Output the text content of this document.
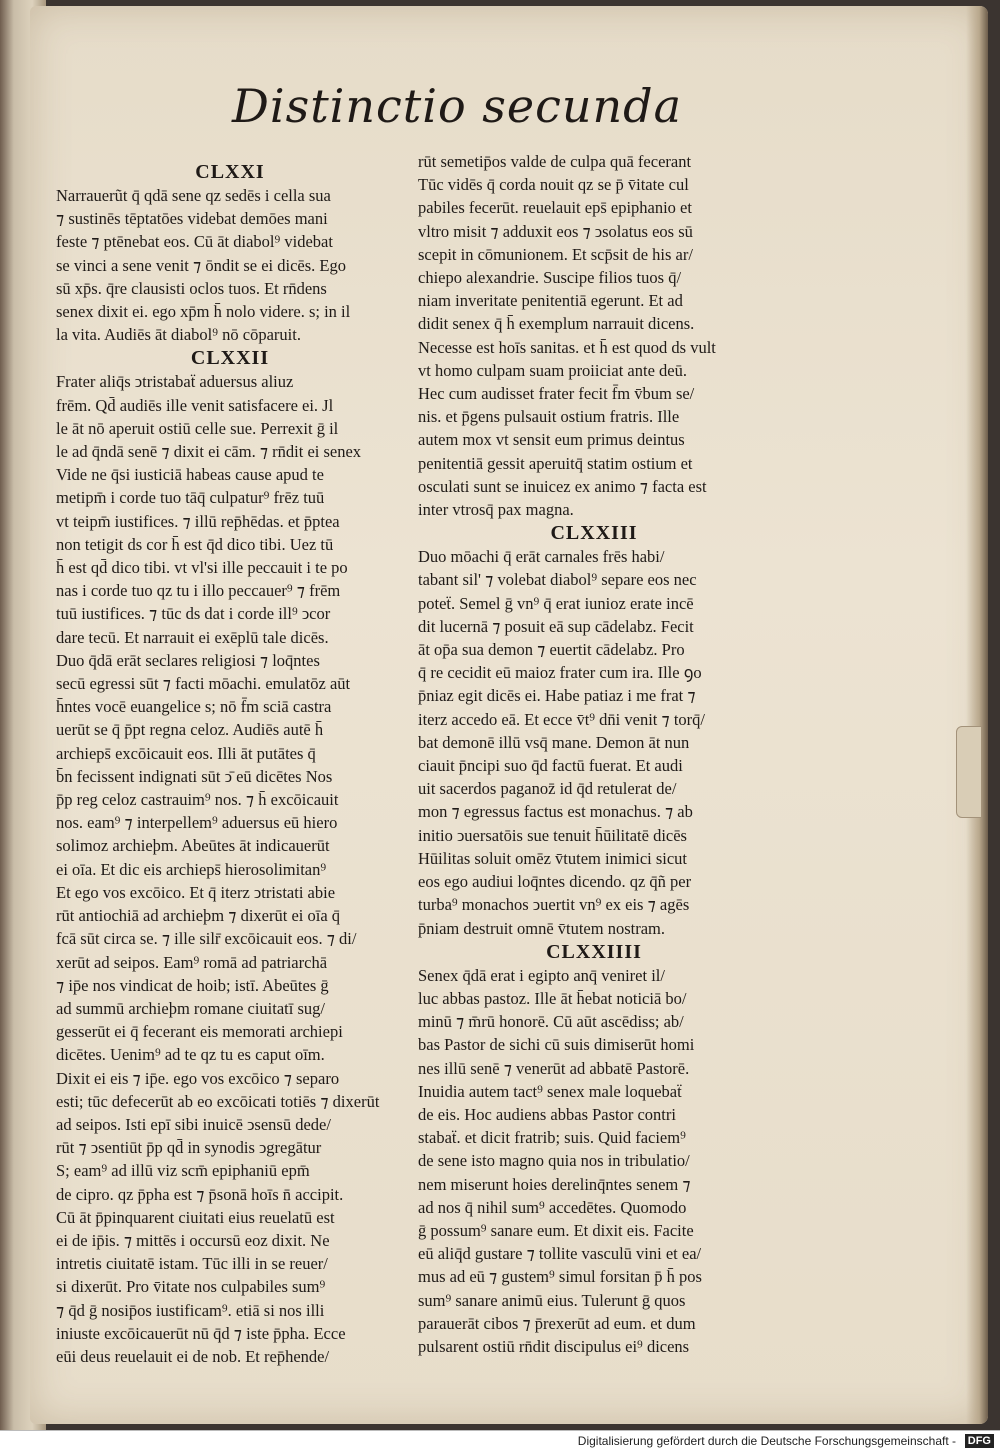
Distinctio secunda
CLXXI
Narrauerũt q̄ qdā sene qz sedēs i cella sua
⁊ sustinēs tēptatōes videbat demōes mani
feste ⁊ ptēnebat eos. Cū āt diabol⁹ videbat
se vinci a sene venit ⁊ ōndit se ei dicēs. Ego
sū xp̄s. q̄re clausisti oclos tuos. Et rn̄dens
senex dixit ei. ego xp̄m h̄ nolo videre. s; in il
la vita. Audiēs āt diabol⁹ nō cōparuit.
CLXXII
Frater aliq̄s ↄtristabaẗ aduersus aliuz
frēm. Qd̄ audiēs ille venit satisfacere ei. Jl
le āt nō aperuit ostiū celle sue. Perrexit ḡ il
le ad q̄ndā senē ⁊ dixit ei cām. ⁊ rn̄dit ei senex
Vide ne q̄si iusticiā habeas cause apud te
metipm̄ i corde tuo tāq̄ culpatur⁹ frēz tuū
vt teipm̄ iustifices. ⁊ illū rep̄hēdas. et p̄ptea
non tetigit ds cor h̄ est q̄d dico tibi. Uez tū
h̄ est qd̄ dico tibi. vt vl'si ille peccauit i te po
nas i corde tuo qz tu i illo peccauer⁹ ⁊ frēm
tuū iustifices. ⁊ tūc ds dat i corde ill⁹ ↄcor
dare tecū. Et narrauit ei exēplū tale dicēs.
Duo q̄dā erāt seclares religiosi ⁊ loq̄ntes
secū egressi sūt ⁊ facti mōachi. emulatōz aūt
h̄ntes vocē euangelice s; nō f̄m sciā castra
uerūt se q̄ p̄pt regna celoz. Audiēs autē h̄
archieps̄ excōicauit eos. Illi āt putātes q̄
b̄n fecissent indignati sūt ↄ̄ eū dicētes Nos
p̄p reg celoz castrauim⁹ nos. ⁊ h̄ excōicauit
nos. eam⁹ ⁊ interpellem⁹ aduersus eū hiero
solimoz archieþm. Abeūtes āt indicauerūt
ei oīa. Et dic eis archieps̄ hierosolimitan⁹
Et ego vos excōico. Et q̄ iterz ↄtristati abie
rūt antiochiā ad archieþm ⁊ dixerūt ei oīa q̄
fcā sūt circa se. ⁊ ille silr̄ excōicauit eos. ⁊ di/
xerūt ad seipos. Eam⁹ romā ad patriarchā
⁊ ip̄e nos vindicat de hoib; istī. Abeūtes ḡ
ad summū archieþm romane ciuitatī sug/
gesserūt ei q̄ fecerant eis memorati archiepi
dicētes. Uenim⁹ ad te qz tu es caput oīm.
Dixit ei eis ⁊ ip̄e. ego vos excōico ⁊ separo
esti; tūc defecerūt ab eo excōicati totiēs ⁊ dixerūt
ad seipos. Isti epī sibi inuicē ↄsensū dede/
rūt ⁊ ↄsentiūt p̄p qd̄ in synodis ↄgregātur
S; eam⁹ ad illū viz scm̄ epiphaniū epm̄
de cipro. qz p̄pha est ⁊ p̄sonā hoīs n̄ accipit.
Cū āt p̄pinquarent ciuitati eius reuelatū est
ei de ip̄is. ⁊ mittēs i occursū eoz dixit. Ne
intretis ciuitatē istam. Tūc illi in se reuer/
si dixerūt. Pro v̄itate nos culpabiles sum⁹
⁊ q̄d ḡ nosip̄os iustificam⁹. etiā si nos illi
iniuste excōicauerūt nū q̄d ⁊ iste p̄pha. Ecce
eūi deus reuelauit ei de nob. Et rep̄hende/
rūt semetip̄os valde de culpa quā fecerant
Tūc vidēs q̄ corda nouit qz se p̄ v̄itate cul
pabiles fecerūt. reuelauit eps̄ epiphanio et
vltro misit ⁊ adduxit eos ⁊ ↄsolatus eos sū
scepit in cōmunionem. Et scp̄sit de his ar/
chiepo alexandrie. Suscipe filios tuos q̄/
niam inveritate penitentiā egerunt. Et ad
didit senex q̄ h̄ exemplum narrauit dicens.
Necesse est hoīs sanitas. et h̄ est quod ds vult
vt homo culpam suam proiiciat ante deū.
Hec cum audisset frater fecit f̄m v̄bum se/
nis. et p̄gens pulsauit ostium fratris. Ille
autem mox vt sensit eum primus deintus
penitentiā gessit aperuitq̄ statim ostium et
osculati sunt se inuicez ex animo ⁊ facta est
inter vtrosq̄ pax magna.
CLXXIII
Duo mōachi q̄ erāt carnales frēs habi/
tabant sil' ⁊ volebat diabol⁹ separe eos nec
poteẗ. Semel ḡ vn⁹ q̄ erat iunioz erate incē
dit lucernā ⁊ posuit eā sup cādelabz. Fecit
āt op̄a sua demon ⁊ euertit cādelabz. Pro
q̄ re cecidit eū maioz frater cum ira. Ille ꝯo
p̄niaz egit dicēs ei. Habe patiaz i me frat ⁊
iterz accedo eā. Et ecce v̄t⁹ dn̄i venit ⁊ torq̄/
bat demonē illū vsq̄ mane. Demon āt nun
ciauit p̄ncipi suo q̄d factū fuerat. Et audi
uit sacerdos paganoz̄ id q̄d retulerat de/
mon ⁊ egressus factus est monachus. ⁊ ab
initio ↄuersatōis sue tenuit h̄ūilitatē dicēs
Hūilitas soluit omēz v̄tutem inimici sicut
eos ego audiui loq̄ntes dicendo. qz q̄ñ per
turba⁹ monachos ↄuertit vn⁹ ex eis ⁊ agēs
p̄niam destruit omnē v̄tutem nostram.
CLXXIIII
Senex q̄dā erat i egipto anq̄ veniret il/
luc abbas pastoz. Ille āt h̄ebat noticiā bo/
minū ⁊ m̄rū honorē. Cū aūt ascēdiss; ab/
bas Pastor de sichi cū suis dimiserūt homi
nes illū senē ⁊ venerūt ad abbatē Pastorē.
Inuidia autem tact⁹ senex male loquebaẗ
de eis. Hoc audiens abbas Pastor contri
stabaẗ. et dicit fratrib; suis. Quid faciem⁹
de sene isto magno quia nos in tribulatio/
nem miserunt hoies derelinq̄ntes senem ⁊
ad nos q̄ nihil sum⁹ accedētes. Quomodo
ḡ possum⁹ sanare eum. Et dixit eis. Facite
eū aliq̄d gustare ⁊ tollite vasculū vini et ea/
mus ad eū ⁊ gustem⁹ simul forsitan p̄ h̄ pos
sum⁹ sanare animū eius. Tulerunt ḡ quos
parauerāt cibos ⁊ p̄rexerūt ad eum. et dum
pulsarent ostiū rn̄dit discipulus ei⁹ dicens
Digitalisierung gefördert durch die Deutsche Forschungsgemeinschaft - DFG
